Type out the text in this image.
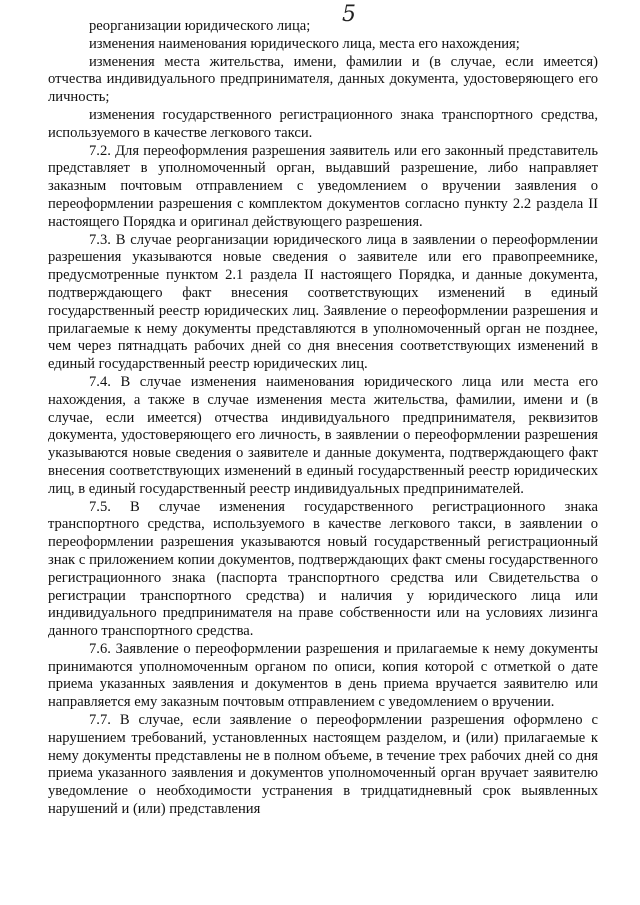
5

реорганизации юридического лица;

изменения наименования юридического лица, места его нахождения;

изменения места жительства, имени, фамилии и (в случае, если имеется) отчества индивидуального предпринимателя, данных документа, удостоверяющего его личность;

изменения государственного регистрационного знака транспортного средства, используемого в качестве легкового такси.

7.2. Для переоформления разрешения заявитель или его законный представитель представляет в уполномоченный орган, выдавший разрешение, либо направляет заказным почтовым отправлением с уведомлением о вручении заявления о переоформлении разрешения с комплектом документов согласно пункту 2.2 раздела II настоящего Порядка и оригинал действующего разрешения.

7.3. В случае реорганизации юридического лица в заявлении о переоформлении разрешения указываются новые сведения о заявителе или его правопреемнике, предусмотренные пунктом 2.1 раздела II настоящего Порядка, и данные документа, подтверждающего факт внесения соответствующих изменений в единый государственный реестр юридических лиц. Заявление о переоформлении разрешения и прилагаемые к нему документы представляются в уполномоченный орган не позднее, чем через пятнадцать рабочих дней со дня внесения соответствующих изменений в единый государственный реестр юридических лиц.

7.4. В случае изменения наименования юридического лица или места его нахождения, а также в случае изменения места жительства, фамилии, имени и (в случае, если имеется) отчества индивидуального предпринимателя, реквизитов документа, удостоверяющего его личность, в заявлении о переоформлении разрешения указываются новые сведения о заявителе и данные документа, подтверждающего факт внесения соответствующих изменений в единый государственный реестр юридических лиц, в единый государственный реестр индивидуальных предпринимателей.

7.5. В случае изменения государственного регистрационного знака транспортного средства, используемого в качестве легкового такси, в заявлении о переоформлении разрешения указываются новый государственный регистрационный знак с приложением копии документов, подтверждающих факт смены государственного регистрационного знака (паспорта транспортного средства или Свидетельства о регистрации транспортного средства) и наличия у юридического лица или индивидуального предпринимателя на праве собственности или на условиях лизинга данного транспортного средства.

7.6. Заявление о переоформлении разрешения и прилагаемые к нему документы принимаются уполномоченным органом по описи, копия которой с отметкой о дате приема указанных заявления и документов в день приема вручается заявителю или направляется ему заказным почтовым отправлением с уведомлением о вручении.

7.7. В случае, если заявление о переоформлении разрешения оформлено с нарушением требований, установленных настоящем разделом, и (или) прилагаемые к нему документы представлены не в полном объеме, в течение трех рабочих дней со дня приема указанного заявления и документов уполномоченный орган вручает заявителю уведомление о необходимости устранения в тридцатидневный срок выявленных нарушений и (или) представления
